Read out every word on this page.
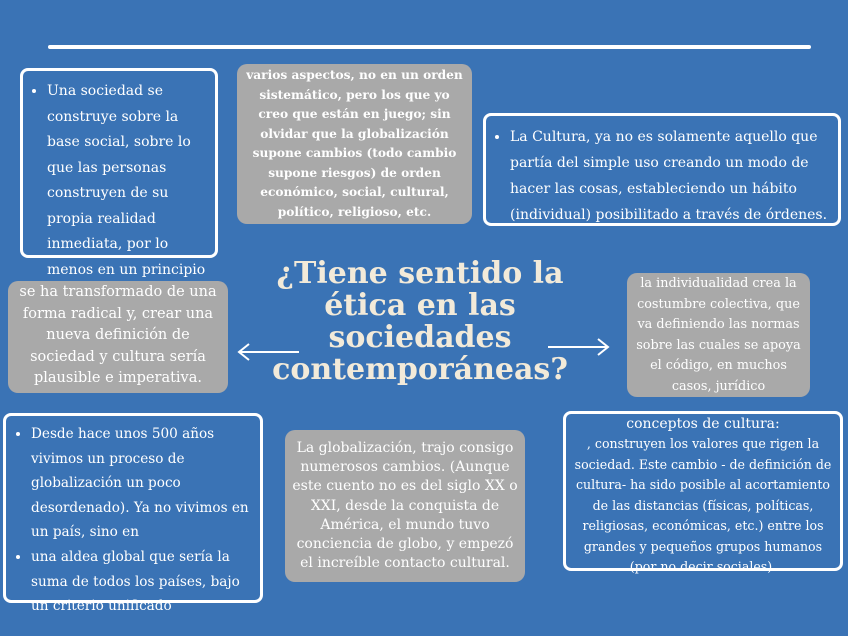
• Una sociedad se construye sobre la base social, sobre lo que las personas construyen de su propia realidad inmediata, por lo menos en un principio
varios aspectos, no en un orden sistemático, pero los que yo creo que están en juego; sin olvidar que la globalización supone cambios (todo cambio supone riesgos) de orden económico, social, cultural, político, religioso, etc.
• La Cultura, ya no es solamente aquello que partía del simple uso creando un modo de hacer las cosas, estableciendo un hábito (individual) posibilitado a través de órdenes.
se ha transformado de una forma radical y, crear una nueva definición de sociedad y cultura sería plausible e imperativa.
¿Tiene sentido la ética en las sociedades contemporáneas?
la individualidad crea la costumbre colectiva, que va definiendo las normas sobre las cuales se apoya el código, en muchos casos, jurídico
• Desde hace unos 500 años vivimos un proceso de globalización un poco desordenado). Ya no vivimos en un país, sino en
• una aldea global que sería la suma de todos los países, bajo un criterio unificado
La globalización, trajo consigo numerosos cambios. (Aunque este cuento no es del siglo XX o XXI, desde la conquista de América, el mundo tuvo conciencia de globo, y empezó el increíble contacto cultural.
conceptos de cultura:
, construyen los valores que rigen la sociedad. Este cambio - de definición de cultura- ha sido posible al acortamiento de las distancias (físicas, políticas, religiosas, económicas, etc.) entre los grandes y pequeños grupos humanos (por no decir sociales).
